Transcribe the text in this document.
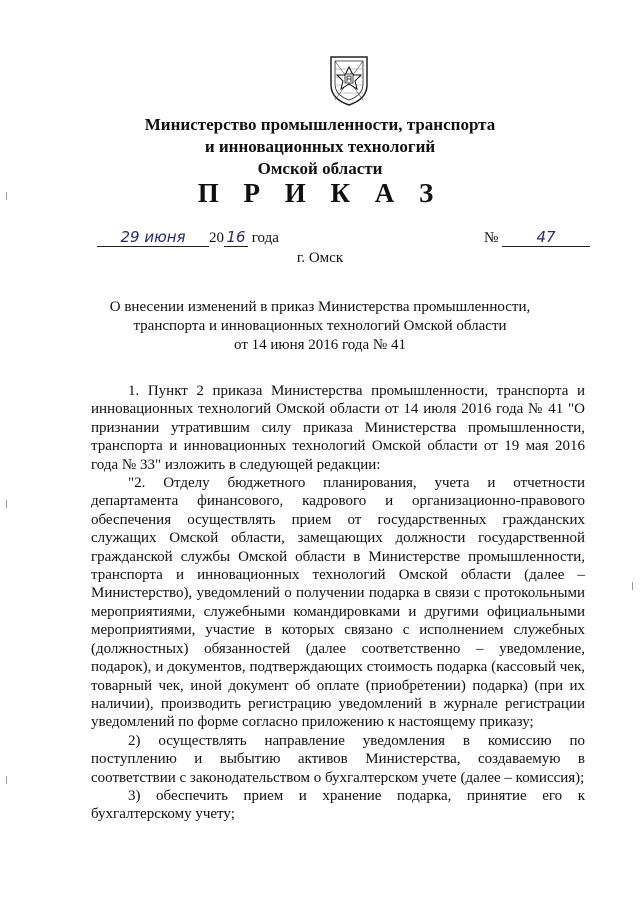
Министерство промышленности, транспорта
и инновационных технологий
Омской области
П Р И К А З
29 июня 20 16 года	№	47
г. Омск
О внесении изменений в приказ Министерства промышленности,
транспорта и инновационных технологий Омской области
от 14 июня 2016 года № 41

1. Пункт 2 приказа Министерства промышленности, транспорта и инновационных технологий Омской области от 14 июля 2016 года № 41 "О признании утратившим силу приказа Министерства промышленности, транспорта и инновационных технологий Омской области от 19 мая 2016 года № 33" изложить в следующей редакции:

"2. Отделу бюджетного планирования, учета и отчетности департамента финансового, кадрового и организационно-правового обеспечения осуществлять прием от государственных гражданских служащих Омской области, замещающих должности государственной гражданской службы Омской области в Министерстве промышленности, транспорта и инновационных технологий Омской области (далее – Министерство), уведомлений о получении подарка в связи с протокольными мероприятиями, служебными командировками и другими официальными мероприятиями, участие в которых связано с исполнением служебных (должностных) обязанностей (далее соответственно – уведомление, подарок), и документов, подтверждающих стоимость подарка (кассовый чек, товарный чек, иной документ об оплате (приобретении) подарка) (при их наличии), производить регистрацию уведомлений в журнале регистрации уведомлений по форме согласно приложению к настоящему приказу;

2) осуществлять направление уведомления в комиссию по поступлению и выбытию активов Министерства, создаваемую в соответствии с законодательством о бухгалтерском учете (далее – комиссия);

3) обеспечить прием и хранение подарка, принятие его к бухгалтерскому учету;
